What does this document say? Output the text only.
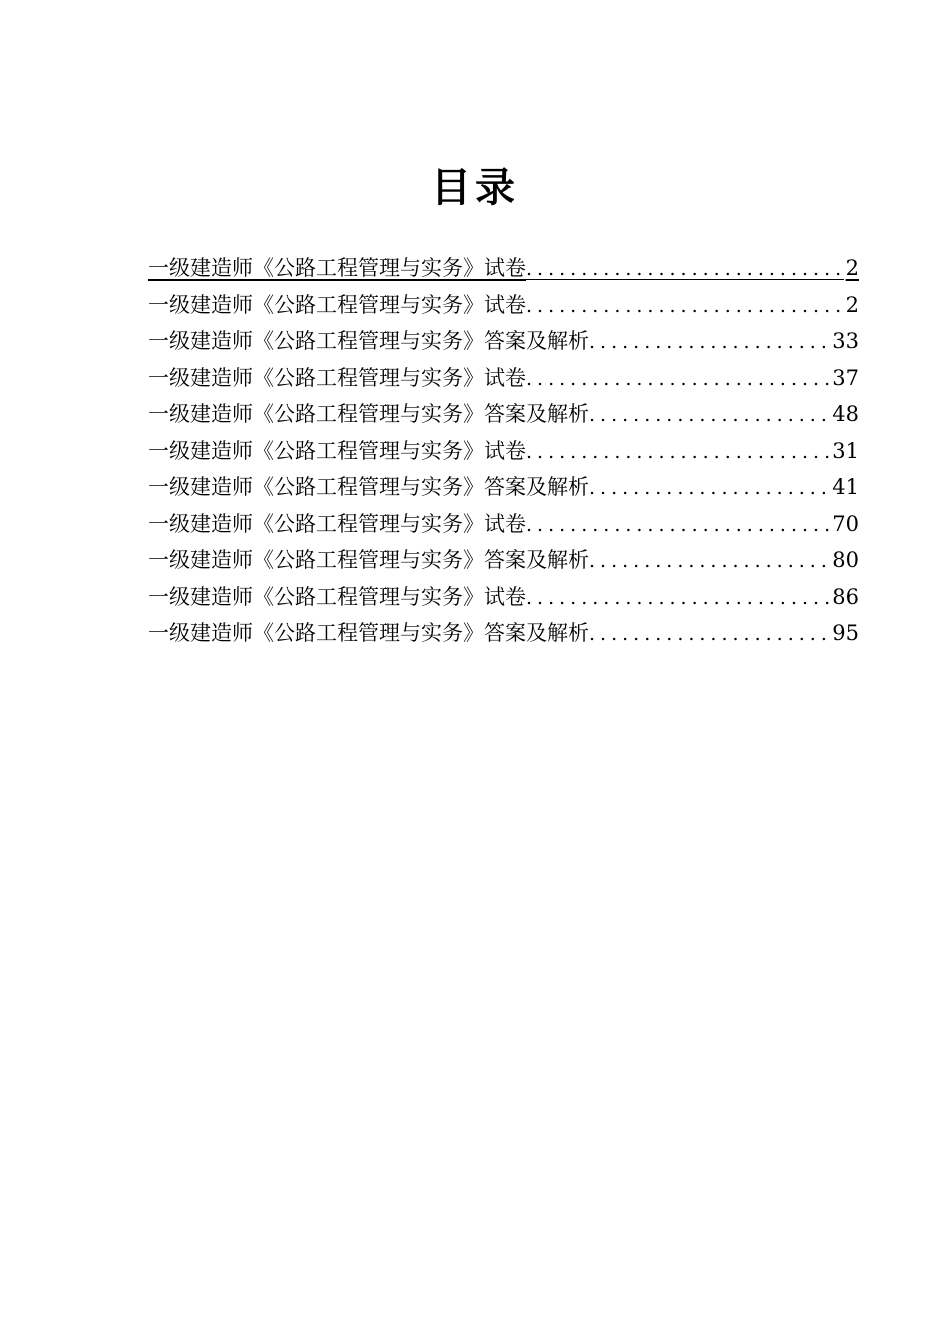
目录
一级建造师《公路工程管理与实务》试卷 .....	2
一级建造师《公路工程管理与实务》试卷 .....	2
一级建造师《公路工程管理与实务》答案及解析 .....	33
一级建造师《公路工程管理与实务》试卷 .....	37
一级建造师《公路工程管理与实务》答案及解析 .....	48
一级建造师《公路工程管理与实务》试卷 .....	31
一级建造师《公路工程管理与实务》答案及解析 .....	41
一级建造师《公路工程管理与实务》试卷 .....	70
一级建造师《公路工程管理与实务》答案及解析 .....	80
一级建造师《公路工程管理与实务》试卷 .....	86
一级建造师《公路工程管理与实务》答案及解析 .....	95
